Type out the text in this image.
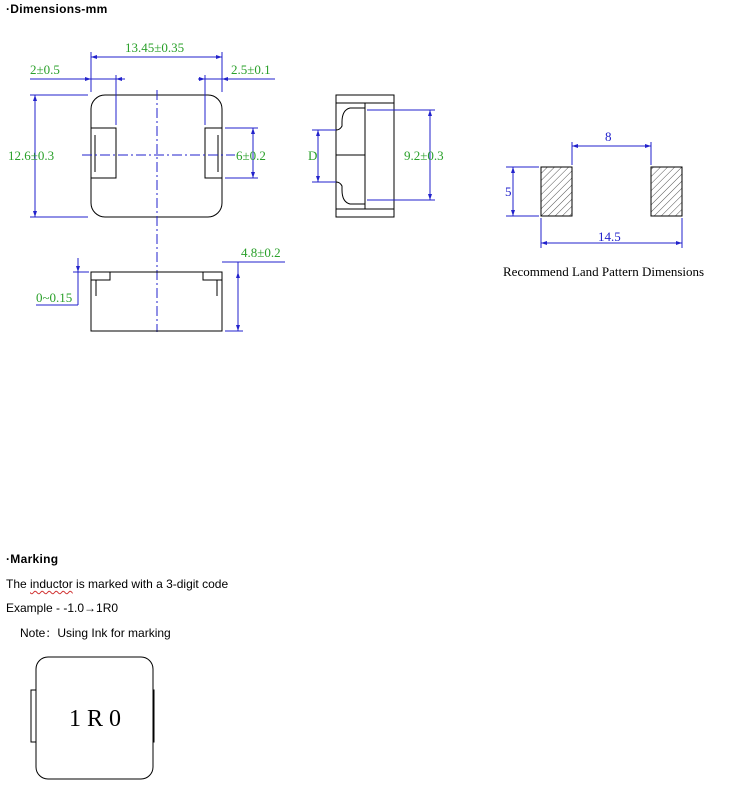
·Dimensions-mm
13.45±0.35
2±0.5	2.5±0.1
12.6±0.3	6±0.2	D	9.2±0.3
4.8±0.2
0~0.15
8
5
14.5
1 R 0
Recommend Land Pattern Dimensions
·Marking
The inductor is marked with a 3-digit code
Example - -1.0→1R0
Note：Using Ink for marking
